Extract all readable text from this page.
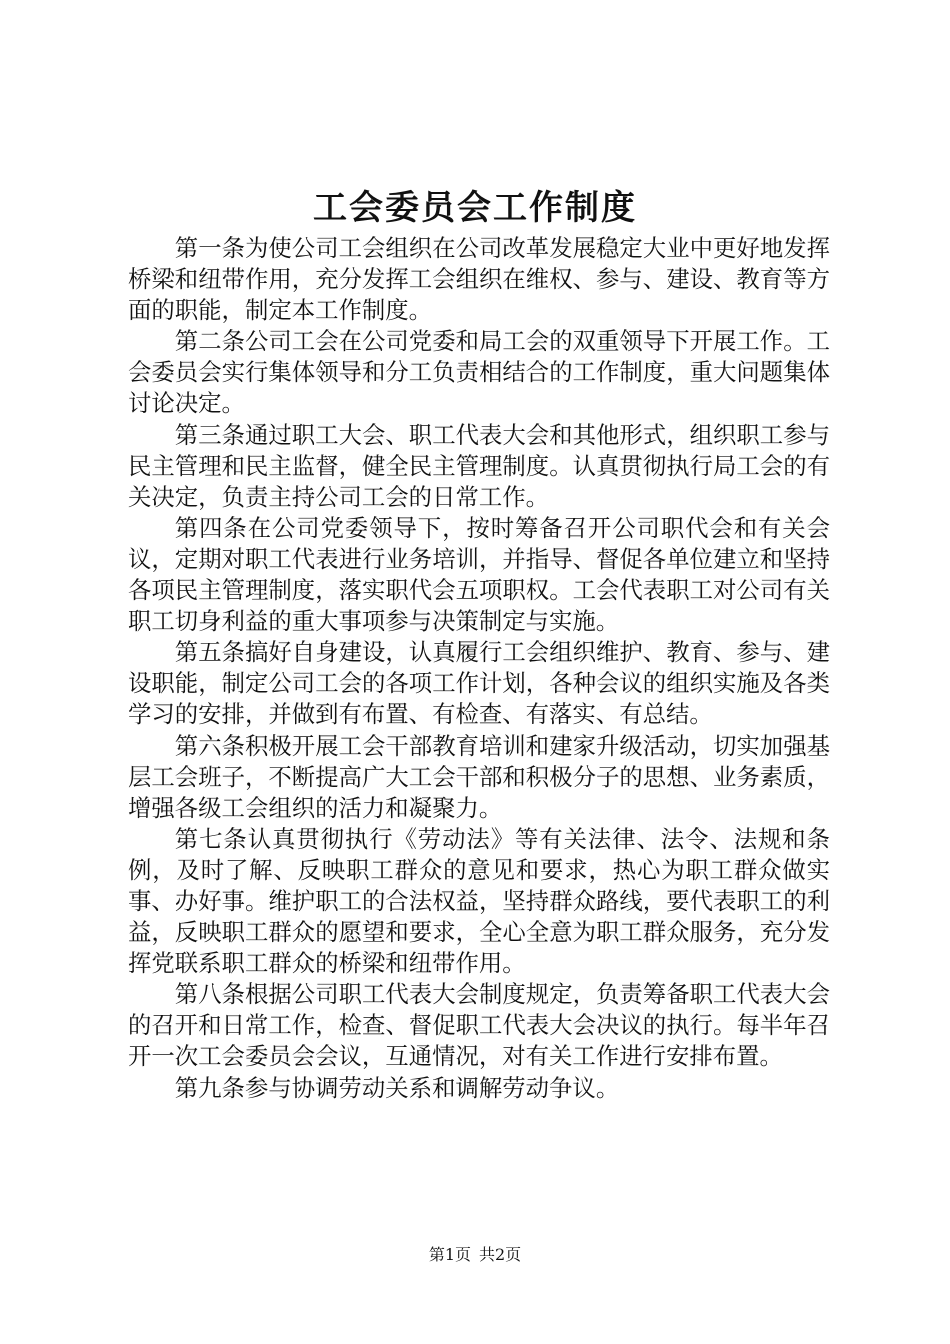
工会委员会工作制度

第一条为使公司工会组织在公司改革发展稳定大业中更好地发挥桥梁和纽带作用，充分发挥工会组织在维权、参与、建设、教育等方面的职能，制定本工作制度。

第二条公司工会在公司党委和局工会的双重领导下开展工作。工会委员会实行集体领导和分工负责相结合的工作制度，重大问题集体讨论决定。

第三条通过职工大会、职工代表大会和其他形式，组织职工参与民主管理和民主监督，健全民主管理制度。认真贯彻执行局工会的有关决定，负责主持公司工会的日常工作。

第四条在公司党委领导下，按时筹备召开公司职代会和有关会议，定期对职工代表进行业务培训，并指导、督促各单位建立和坚持各项民主管理制度，落实职代会五项职权。工会代表职工对公司有关职工切身利益的重大事项参与决策制定与实施。

第五条搞好自身建设，认真履行工会组织维护、教育、参与、建设职能，制定公司工会的各项工作计划，各种会议的组织实施及各类学习的安排，并做到有布置、有检查、有落实、有总结。

第六条积极开展工会干部教育培训和建家升级活动，切实加强基层工会班子，不断提高广大工会干部和积极分子的思想、业务素质，增强各级工会组织的活力和凝聚力。

第七条认真贯彻执行《劳动法》等有关法律、法令、法规和条例，及时了解、反映职工群众的意见和要求，热心为职工群众做实事、办好事。维护职工的合法权益，坚持群众路线，要代表职工的利益，反映职工群众的愿望和要求，全心全意为职工群众服务，充分发挥党联系职工群众的桥梁和纽带作用。

第八条根据公司职工代表大会制度规定，负责筹备职工代表大会的召开和日常工作，检查、督促职工代表大会决议的执行。每半年召开一次工会委员会会议，互通情况，对有关工作进行安排布置。

第九条参与协调劳动关系和调解劳动争议。

第1页 共2页
